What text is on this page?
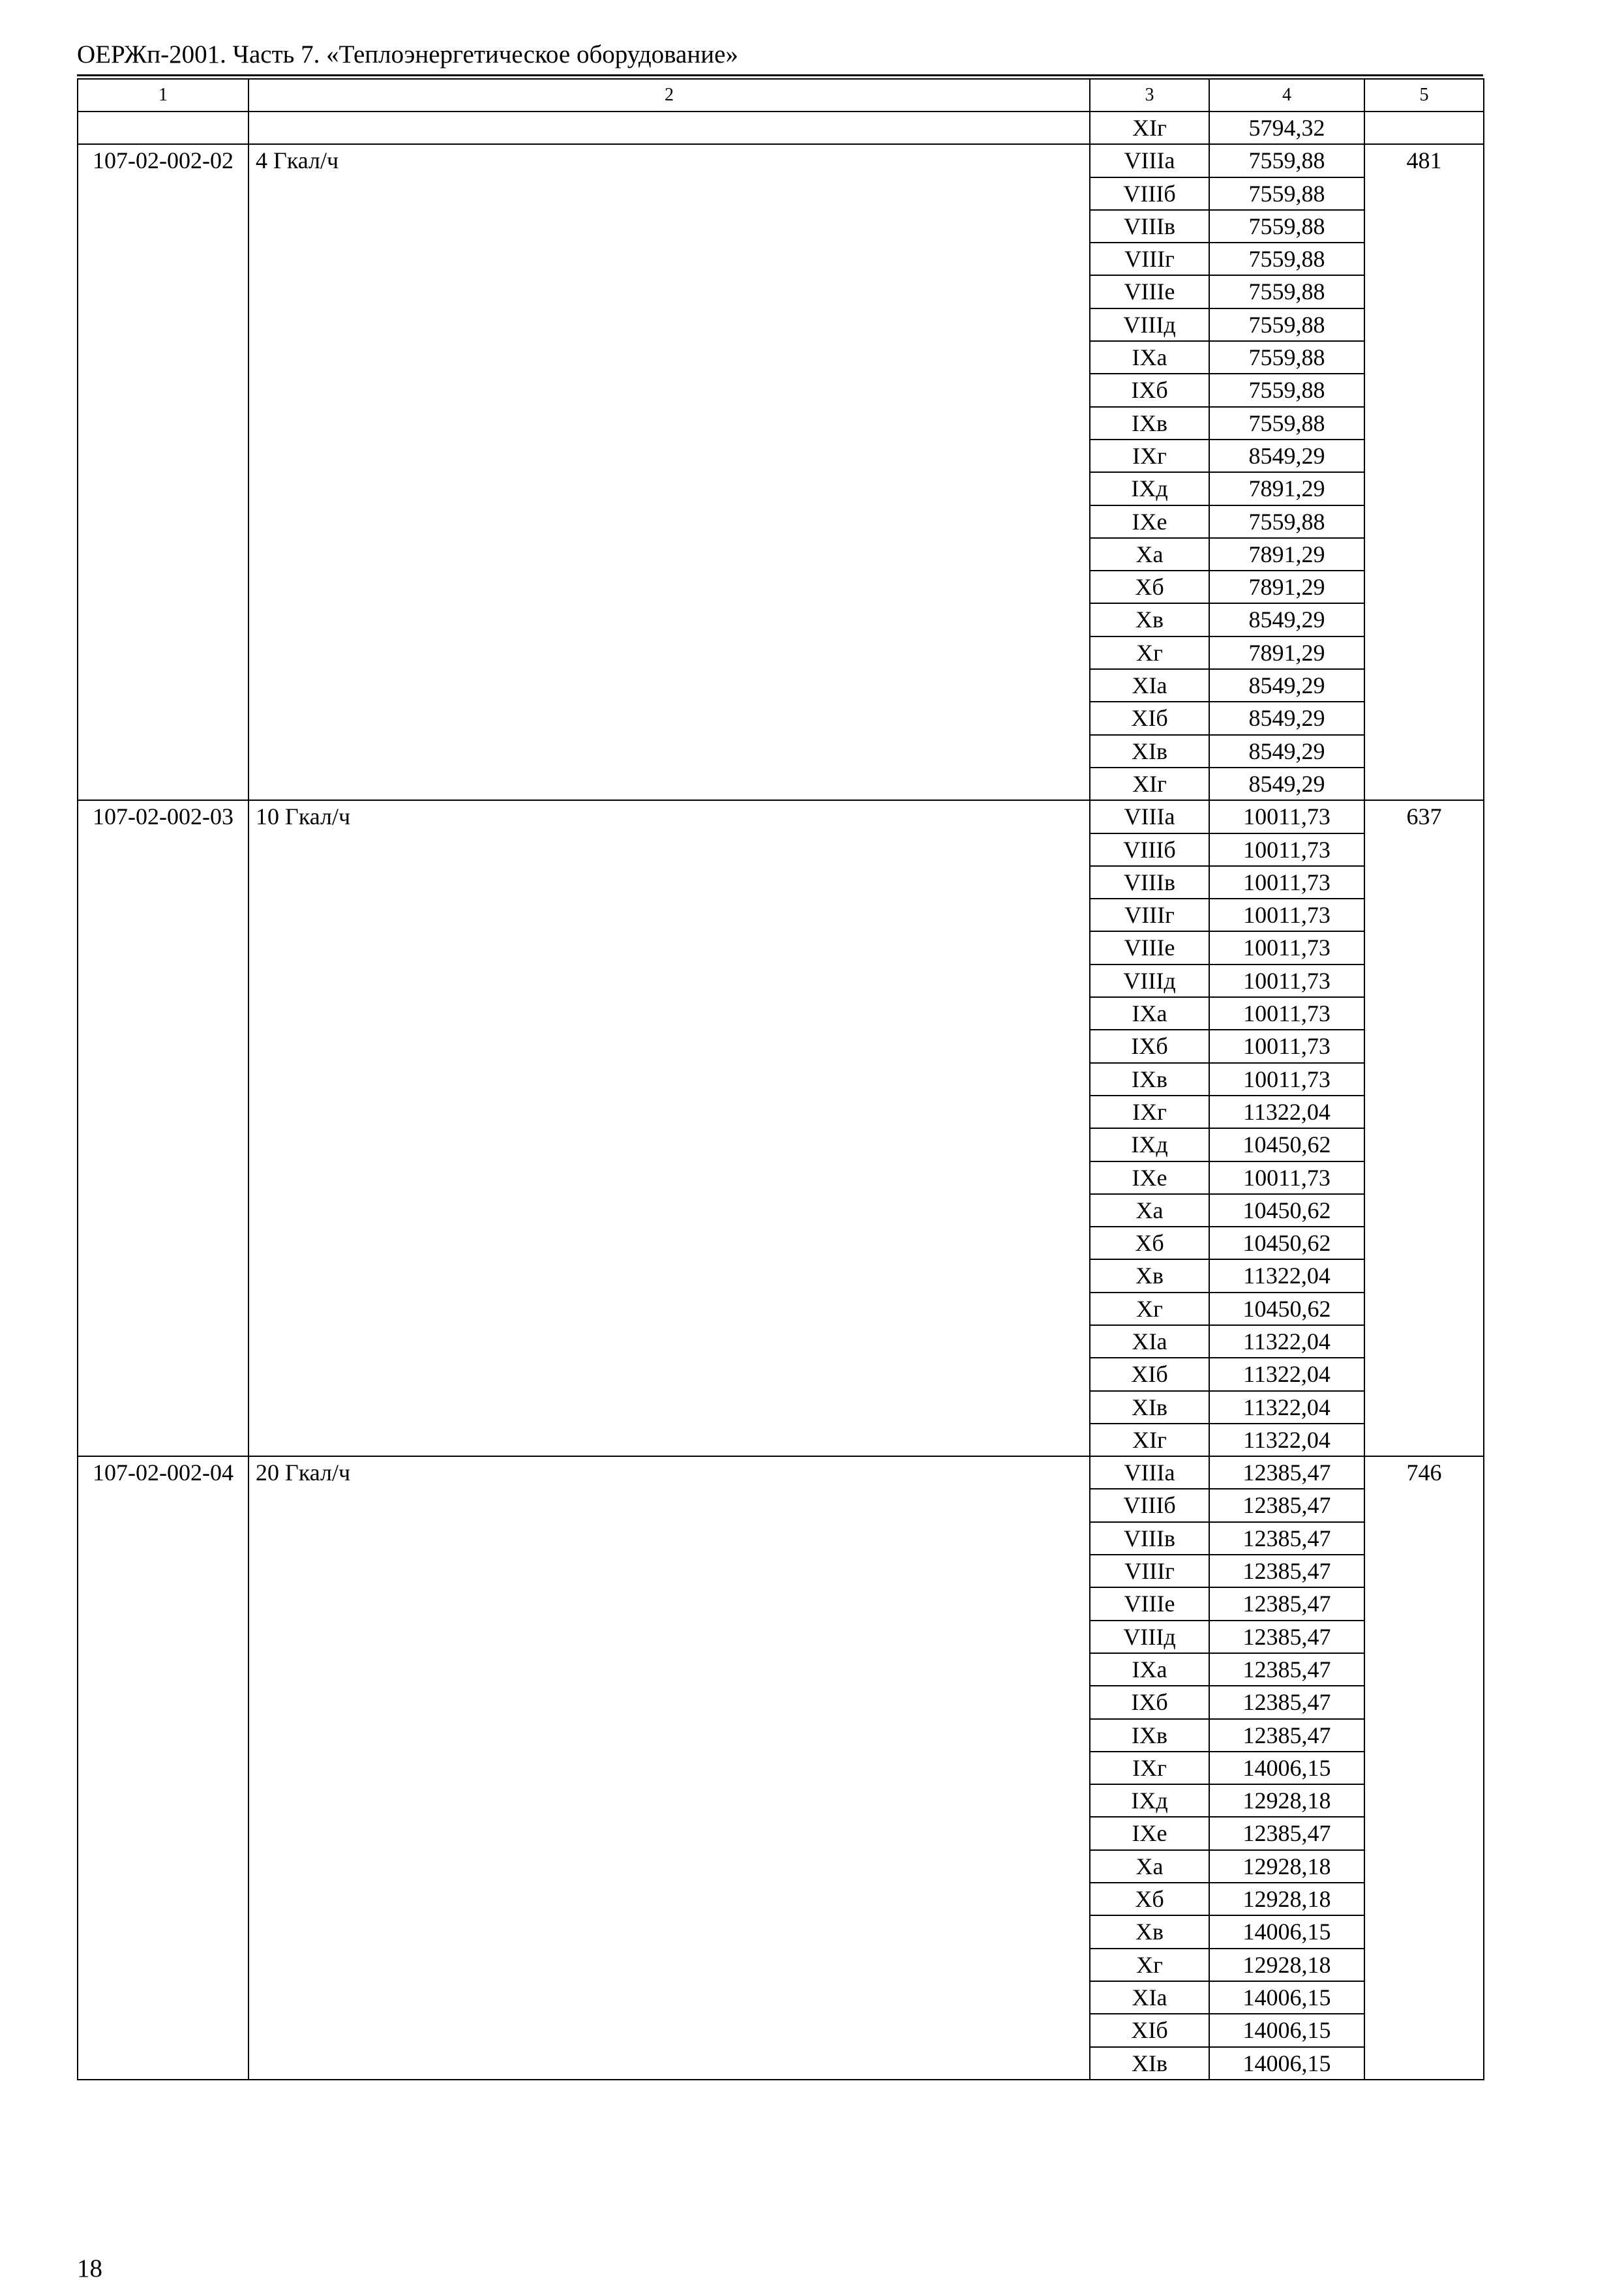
ОЕРЖп-2001. Часть 7. «Теплоэнергетическое оборудование»
1	2	3	4	5
		XIг	5794,32	
107-02-002-02	4 Гкал/ч	VIIIа	7559,88	481
		VIIIб	7559,88	
		VIIIв	7559,88	
		VIIIг	7559,88	
		VIIIе	7559,88	
		VIIIд	7559,88	
		IXа	7559,88	
		IXб	7559,88	
		IXв	7559,88	
		IXг	8549,29	
		IXд	7891,29	
		IXе	7559,88	
		Xа	7891,29	
		Xб	7891,29	
		Xв	8549,29	
		Xг	7891,29	
		XIа	8549,29	
		XIб	8549,29	
		XIв	8549,29	
		XIг	8549,29	
107-02-002-03	10 Гкал/ч	VIIIа	10011,73	637
		VIIIб	10011,73	
		VIIIв	10011,73	
		VIIIг	10011,73	
		VIIIе	10011,73	
		VIIIд	10011,73	
		IXа	10011,73	
		IXб	10011,73	
		IXв	10011,73	
		IXг	11322,04	
		IXд	10450,62	
		IXе	10011,73	
		Xа	10450,62	
		Xб	10450,62	
		Xв	11322,04	
		Xг	10450,62	
		XIа	11322,04	
		XIб	11322,04	
		XIв	11322,04	
		XIг	11322,04	
107-02-002-04	20 Гкал/ч	VIIIа	12385,47	746
		VIIIб	12385,47	
		VIIIв	12385,47	
		VIIIг	12385,47	
		VIIIе	12385,47	
		VIIIд	12385,47	
		IXа	12385,47	
		IXб	12385,47	
		IXв	12385,47	
		IXг	14006,15	
		IXд	12928,18	
		IXе	12385,47	
		Xа	12928,18	
		Xб	12928,18	
		Xв	14006,15	
		Xг	12928,18	
		XIа	14006,15	
		XIб	14006,15	
		XIв	14006,15	
18
